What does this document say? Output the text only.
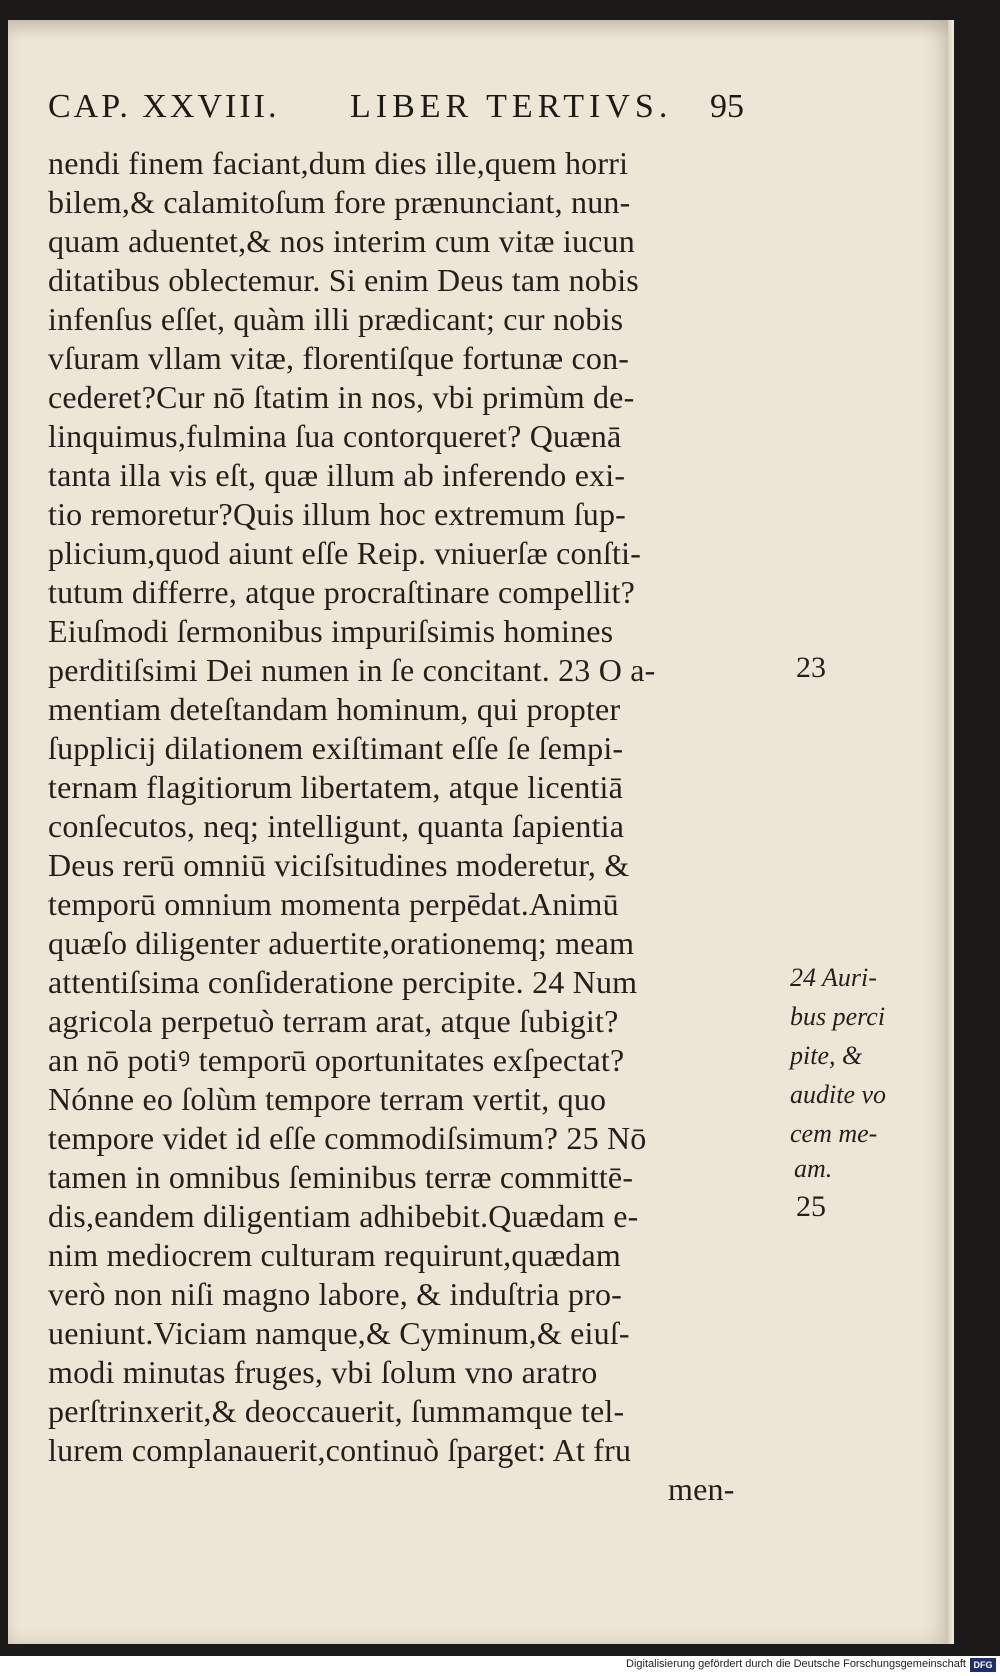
CAP. XXVIII. LIBER TERTIVS. 95
nendi finem faciant,dum dies ille,quem horri
bilem,& calamitoſum fore prænunciant, nun-
quam aduentet,& nos interim cum vitæ iucun
ditatibus oblectemur. Si enim Deus tam nobis
infenſus eſſet, quàm illi prædicant; cur nobis
vſuram vllam vitæ, florentiſque fortunæ con-
cederet?Cur nō ſtatim in nos, vbi primùm de-
linquimus,fulmina ſua contorqueret? Quænā
tanta illa vis eſt, quæ illum ab inferendo exi-
tio remoretur?Quis illum hoc extremum ſup-
plicium,quod aiunt eſſe Reip. vniuerſæ conſti-
tutum differre, atque procraſtinare compellit?
Eiuſmodi ſermonibus impuriſsimis homines
perditiſsimi Dei numen in ſe concitant. 23 O a-
mentiam deteſtandam hominum, qui propter
ſupplicij dilationem exiſtimant eſſe ſe ſempi-
ternam flagitiorum libertatem, atque licentiā
conſecutos, neq; intelligunt, quanta ſapientia
Deus rerū omniū viciſsitudines moderetur, &
temporū omnium momenta perpēdat.Animū
quæſo diligenter aduertite,orationemq; meam
attentiſsima conſideratione percipite. 24 Num
agricola perpetuò terram arat, atque ſubigit?
an nō potiꝰ temporū oportunitates exſpectat?
Nónne eo ſolùm tempore terram vertit, quo
tempore videt id eſſe commodiſsimum? 25 Nō
tamen in omnibus ſeminibus terræ committē-
dis,eandem diligentiam adhibebit.Quædam e-
nim mediocrem culturam requirunt,quædam
verò non niſi magno labore, & induſtria pro-
ueniunt.Viciam namque,& Cyminum,& eiuſ-
modi minutas fruges, vbi ſolum vno aratro
perſtrinxerit,& deoccauerit, ſummamque tel-
lurem complanauerit,continuò ſparget: At fru
men-
23
24 Auri-
bus perci
pite, &
audite vo
cem me-
am.
25
Digitalisierung gefördert durch die Deutsche Forschungsgemeinschaft DFG
